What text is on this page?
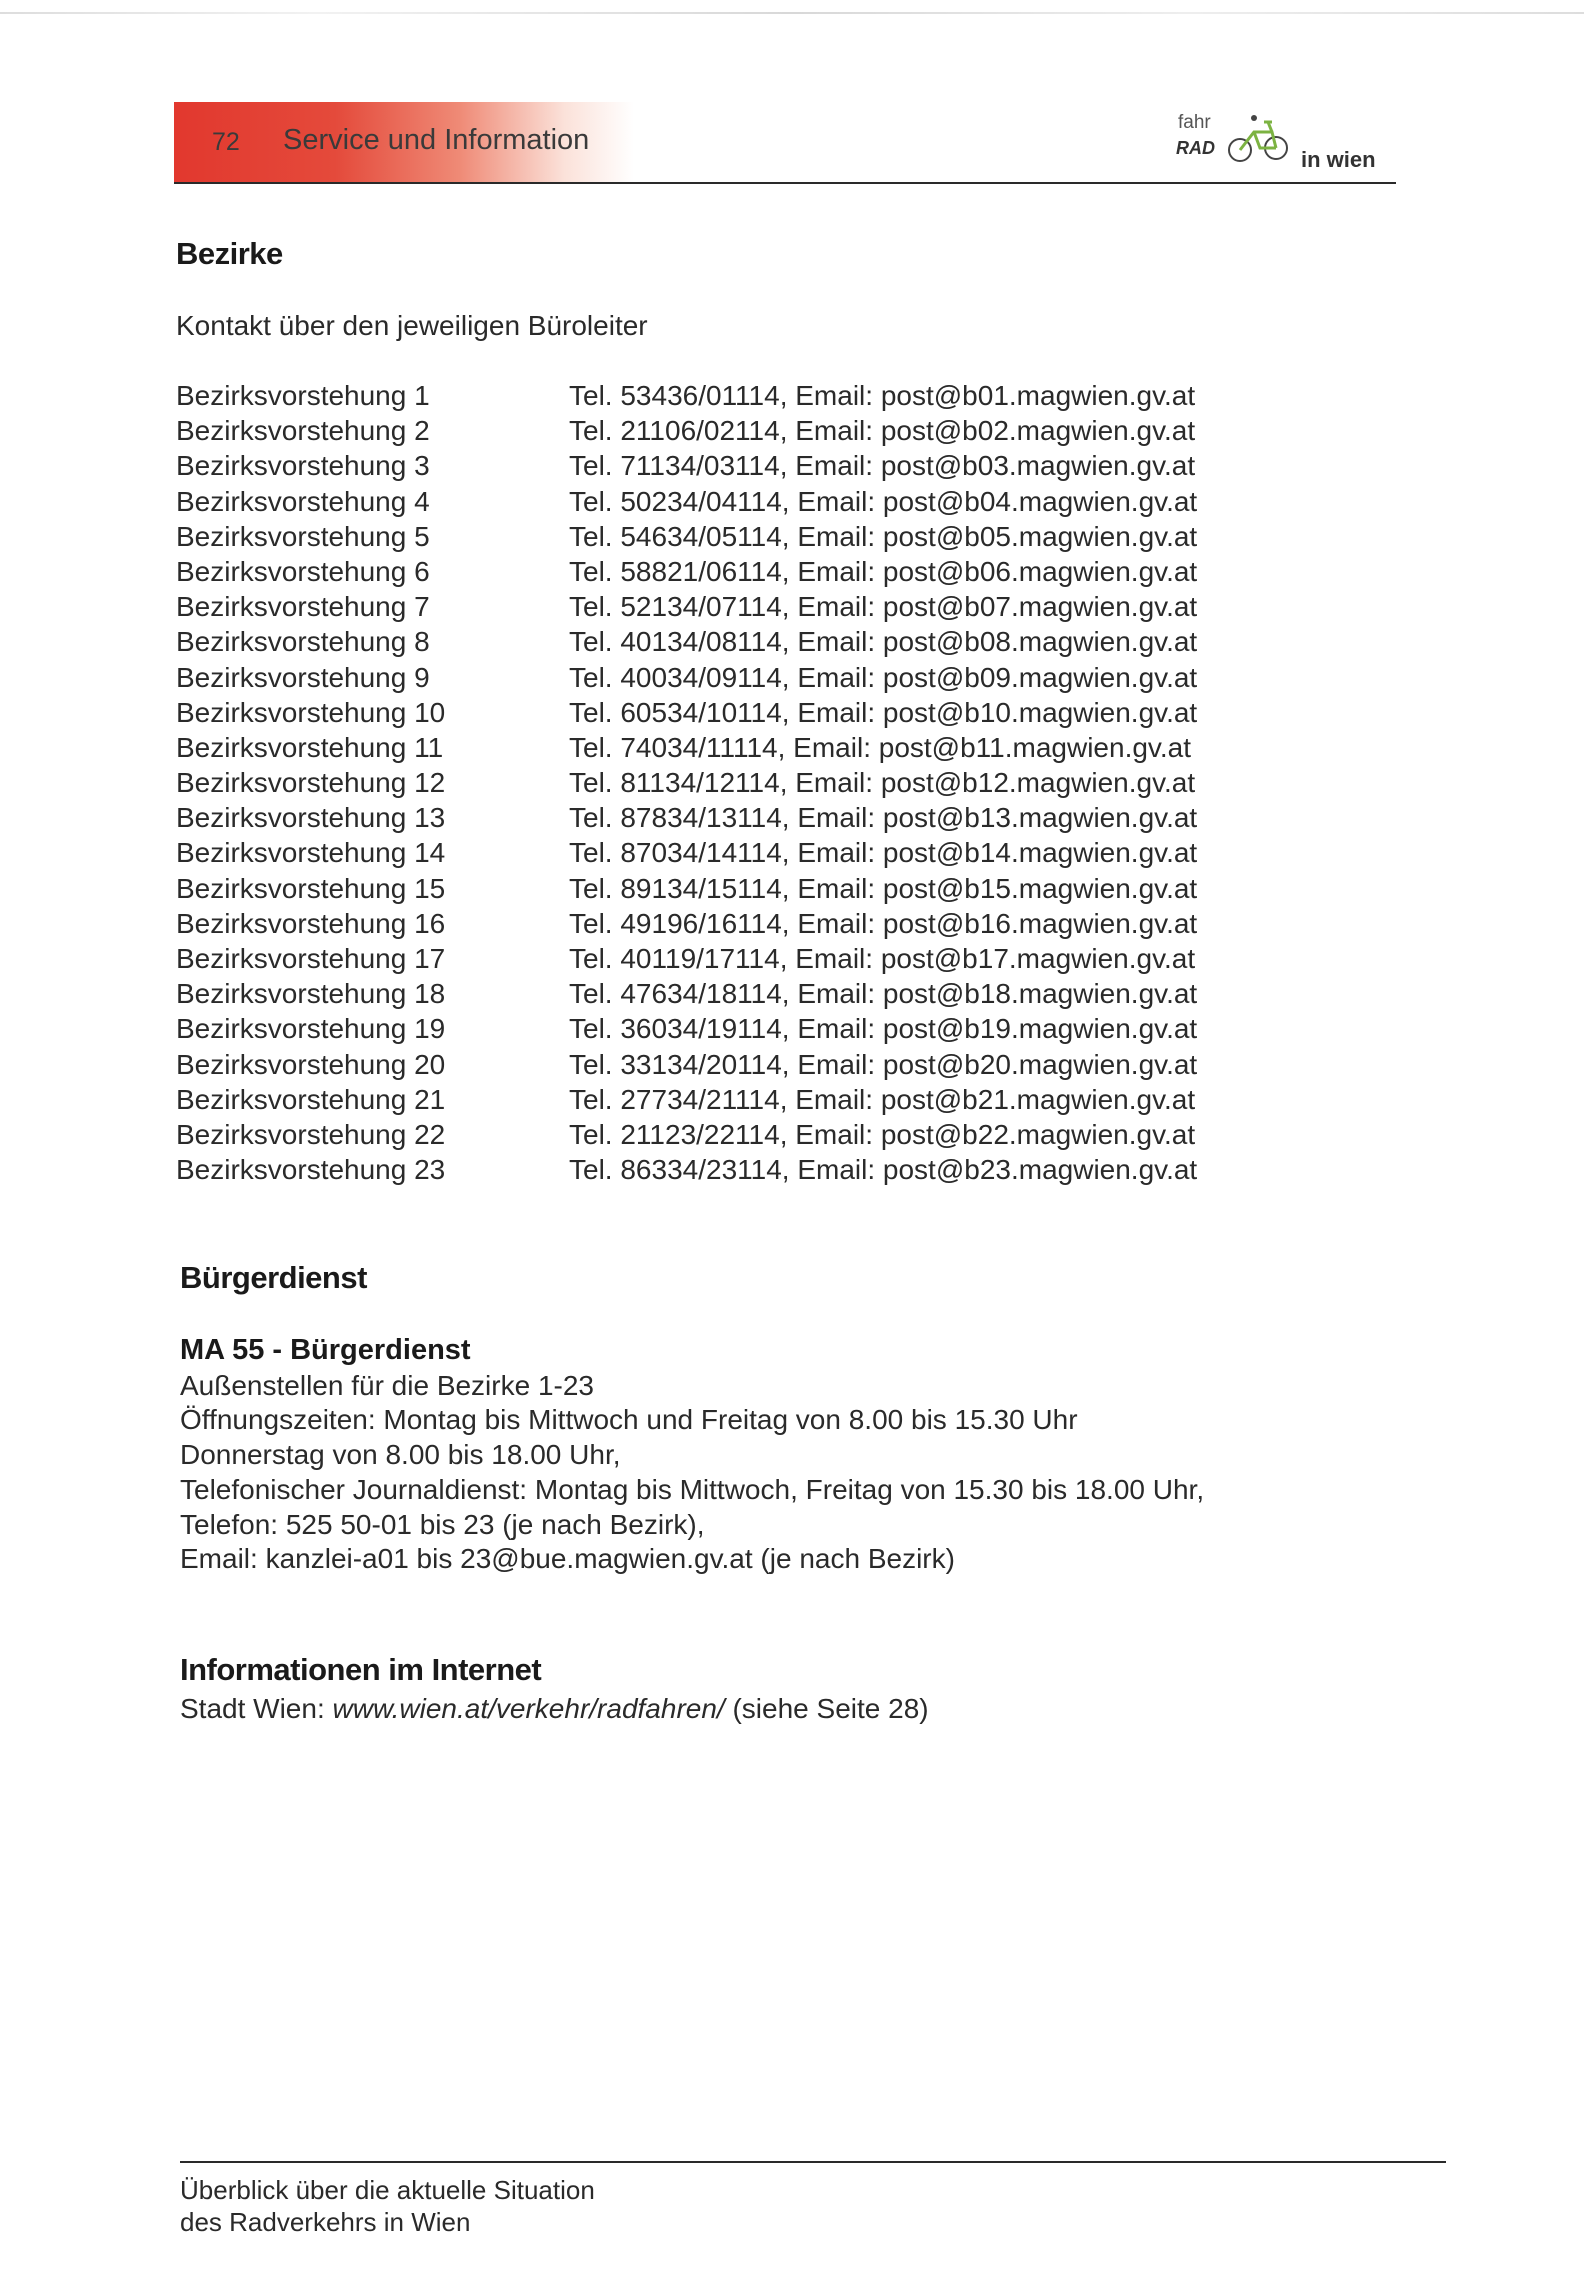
72 Service und Information
fahr
RAD	in wien
Bezirke
Kontakt über den jeweiligen Büroleiter
Bezirksvorstehung 1	Tel. 53436/01114, Email: post@b01.magwien.gv.at
Bezirksvorstehung 2	Tel. 21106/02114, Email: post@b02.magwien.gv.at
Bezirksvorstehung 3	Tel. 71134/03114, Email: post@b03.magwien.gv.at
Bezirksvorstehung 4	Tel. 50234/04114, Email: post@b04.magwien.gv.at
Bezirksvorstehung 5	Tel. 54634/05114, Email: post@b05.magwien.gv.at
Bezirksvorstehung 6	Tel. 58821/06114, Email: post@b06.magwien.gv.at
Bezirksvorstehung 7	Tel. 52134/07114, Email: post@b07.magwien.gv.at
Bezirksvorstehung 8	Tel. 40134/08114, Email: post@b08.magwien.gv.at
Bezirksvorstehung 9	Tel. 40034/09114, Email: post@b09.magwien.gv.at
Bezirksvorstehung 10	Tel. 60534/10114, Email: post@b10.magwien.gv.at
Bezirksvorstehung 11	Tel. 74034/11114, Email: post@b11.magwien.gv.at
Bezirksvorstehung 12	Tel. 81134/12114, Email: post@b12.magwien.gv.at
Bezirksvorstehung 13	Tel. 87834/13114, Email: post@b13.magwien.gv.at
Bezirksvorstehung 14	Tel. 87034/14114, Email: post@b14.magwien.gv.at
Bezirksvorstehung 15	Tel. 89134/15114, Email: post@b15.magwien.gv.at
Bezirksvorstehung 16	Tel. 49196/16114, Email: post@b16.magwien.gv.at
Bezirksvorstehung 17	Tel. 40119/17114, Email: post@b17.magwien.gv.at
Bezirksvorstehung 18	Tel. 47634/18114, Email: post@b18.magwien.gv.at
Bezirksvorstehung 19	Tel. 36034/19114, Email: post@b19.magwien.gv.at
Bezirksvorstehung 20	Tel. 33134/20114, Email: post@b20.magwien.gv.at
Bezirksvorstehung 21	Tel. 27734/21114, Email: post@b21.magwien.gv.at
Bezirksvorstehung 22	Tel. 21123/22114, Email: post@b22.magwien.gv.at
Bezirksvorstehung 23	Tel. 86334/23114, Email: post@b23.magwien.gv.at
Bürgerdienst
MA 55 - Bürgerdienst
Außenstellen für die Bezirke 1-23
Öffnungszeiten: Montag bis Mittwoch und Freitag von 8.00 bis 15.30 Uhr
Donnerstag von 8.00 bis 18.00 Uhr,
Telefonischer Journaldienst: Montag bis Mittwoch, Freitag von 15.30 bis 18.00 Uhr,
Telefon: 525 50-01 bis 23 (je nach Bezirk),
Email: kanzlei-a01 bis 23@bue.magwien.gv.at (je nach Bezirk)
Informationen im Internet
Stadt Wien: www.wien.at/verkehr/radfahren/ (siehe Seite 28)
Überblick über die aktuelle Situation
des Radverkehrs in Wien
